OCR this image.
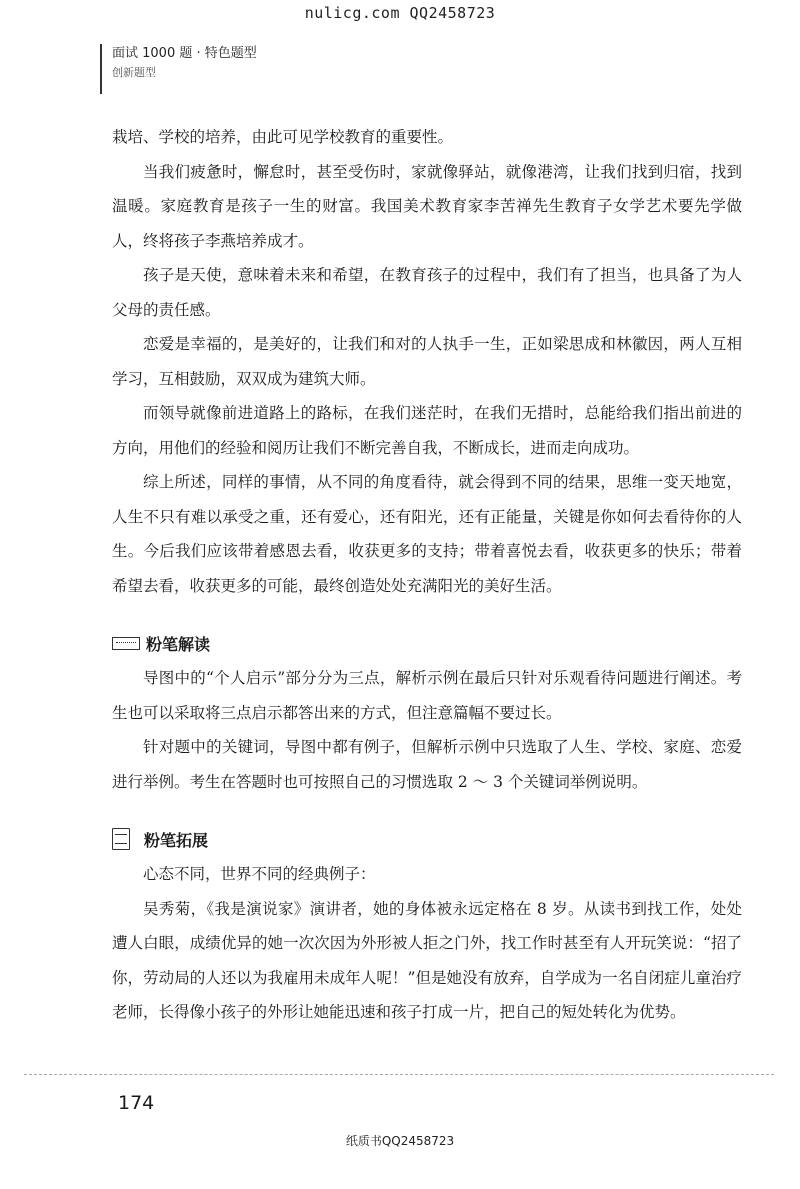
nulicg.com QQ2458723
面试 1000 题 · 特色题型
创新题型

栽培、学校的培养，由此可见学校教育的重要性。

当我们疲惫时，懈怠时，甚至受伤时，家就像驿站，就像港湾，让我们找到归宿，找到温暖。家庭教育是孩子一生的财富。我国美术教育家李苦禅先生教育子女学艺术要先学做人，终将孩子李燕培养成才。

孩子是天使，意味着未来和希望，在教育孩子的过程中，我们有了担当，也具备了为人父母的责任感。

恋爱是幸福的，是美好的，让我们和对的人执手一生，正如梁思成和林徽因，两人互相学习，互相鼓励，双双成为建筑大师。

而领导就像前进道路上的路标，在我们迷茫时，在我们无措时，总能给我们指出前进的方向，用他们的经验和阅历让我们不断完善自我，不断成长，进而走向成功。

综上所述，同样的事情，从不同的角度看待，就会得到不同的结果，思维一变天地宽，人生不只有难以承受之重，还有爱心，还有阳光，还有正能量，关键是你如何去看待你的人生。今后我们应该带着感恩去看，收获更多的支持；带着喜悦去看，收获更多的快乐；带着希望去看，收获更多的可能，最终创造处处充满阳光的美好生活。

粉笔解读

导图中的“个人启示”部分分为三点，解析示例在最后只针对乐观看待问题进行阐述。考生也可以采取将三点启示都答出来的方式，但注意篇幅不要过长。

针对题中的关键词，导图中都有例子，但解析示例中只选取了人生、学校、家庭、恋爱进行举例。考生在答题时也可按照自己的习惯选取 2 ～ 3 个关键词举例说明。

粉笔拓展

心态不同，世界不同的经典例子：

吴秀菊，《我是演说家》演讲者，她的身体被永远定格在 8 岁。从读书到找工作，处处遭人白眼，成绩优异的她一次次因为外形被人拒之门外，找工作时甚至有人开玩笑说：“招了你，劳动局的人还以为我雇用未成年人呢！”但是她没有放弃，自学成为一名自闭症儿童治疗老师，长得像小孩子的外形让她能迅速和孩子打成一片，把自己的短处转化为优势。

174
纸质书QQ2458723
